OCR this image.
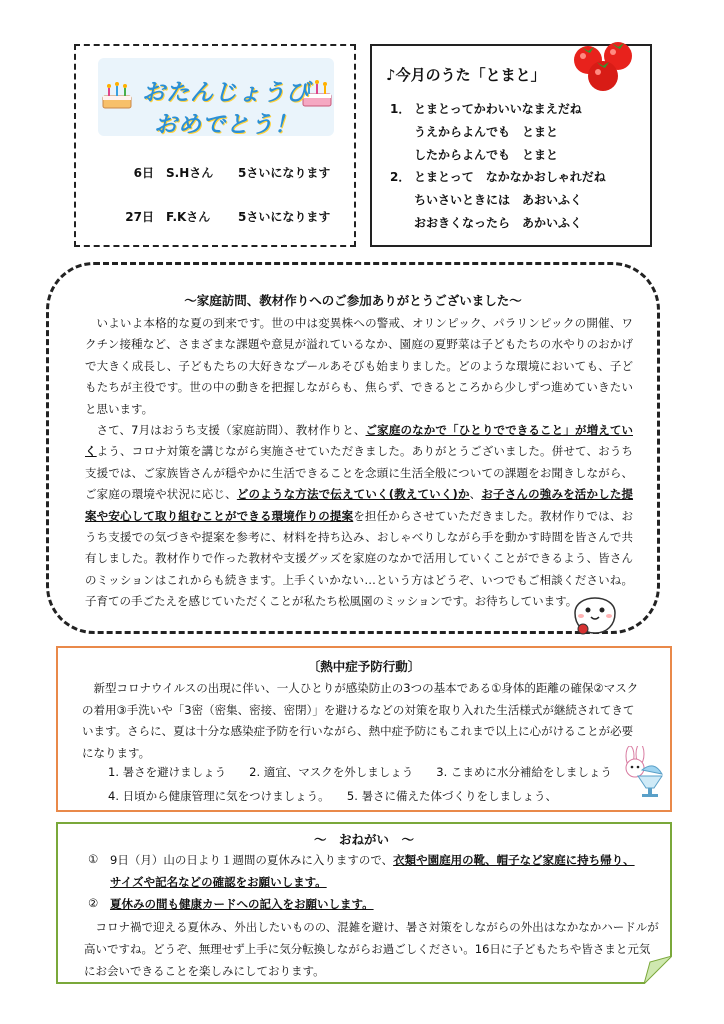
おたんじょうび
おめでとう！
6日　 S.Hさん 5さいになります
27日　 F.Kさん 5さいになります
♪今月のうた「とまと」
1． とまとってかわいいなまえだね
うえからよんでも　とまと
したからよんでも　とまと
2． とまとって　なかなかおしゃれだね
ちいさいときには　あおいふく
おおきくなったら　あかいふく
～家庭訪問、教材作りへのご参加ありがとうございました～

いよいよ本格的な夏の到来です。世の中は変異株への警戒、オリンピック、パラリンピックの開催、ワクチン接種など、さまざまな課題や意見が溢れているなか、園庭の夏野菜は子どもたちの水やりのおかげで大きく成長し、子どもたちの大好きなプールあそびも始まりました。どのような環境においても、子どもたちが主役です。世の中の動きを把握しながらも、焦らず、できるところから少しずつ進めていきたいと思います。

さて、7月はおうち支援（家庭訪問）、教材作りと、ご家庭のなかで「ひとりでできること」が増えていくよう、コロナ対策を講じながら実施させていただきました。ありがとうございました。併せて、おうち支援では、ご家族皆さんが穏やかに生活できることを念頭に生活全般についての課題をお聞きしながら、ご家庭の環境や状況に応じ、どのような方法で伝えていく(教えていく)か、お子さんの強みを活かした提案や安心して取り組むことができる環境作りの提案を担任からさせていただきました。教材作りでは、おうち支援での気づきや提案を参考に、材料を持ち込み、おしゃべりしながら手を動かす時間を皆さんで共有しました。教材作りで作った教材や支援グッズを家庭のなかで活用していくことができるよう、皆さんのミッションはこれからも続きます。上手くいかない…という方はどうぞ、いつでもご相談くださいね。子育ての手ごたえを感じていただくことが私たち松風園のミッションです。お待ちしています。

〔熱中症予防行動〕

新型コロナウイルスの出現に伴い、一人ひとりが感染防止の3つの基本である①身体的距離の確保②マスクの着用③手洗いや「3密（密集、密接、密閉）」を避けるなどの対策を取り入れた生活様式が継続されてきています。さらに、夏は十分な感染症予防を行いながら、熱中症予防にもこれまで以上に心がけることが必要になります。

1. 暑さを避けましょう　　2. 適宜、マスクを外しましょう　　3. こまめに水分補給をしましょう
4. 日頃から健康管理に気をつけましょう。　　5. 暑さに備えた体づくりをしましょう、
～　おねがい　～
① 9日（月）山の日より１週間の夏休みに入りますので、衣類や園庭用の靴、帽子など家庭に持ち帰り、
サイズや記名などの確認をお願いします。
② 夏休みの間も健康カードへの記入をお願いします。

コロナ禍で迎える夏休み、外出したいものの、混雑を避け、暑さ対策をしながらの外出はなかなかハードルが高いですね。どうぞ、無理せず上手に気分転換しながらお過ごしください。16日に子どもたちや皆さまと元気にお会いできることを楽しみにしております。
